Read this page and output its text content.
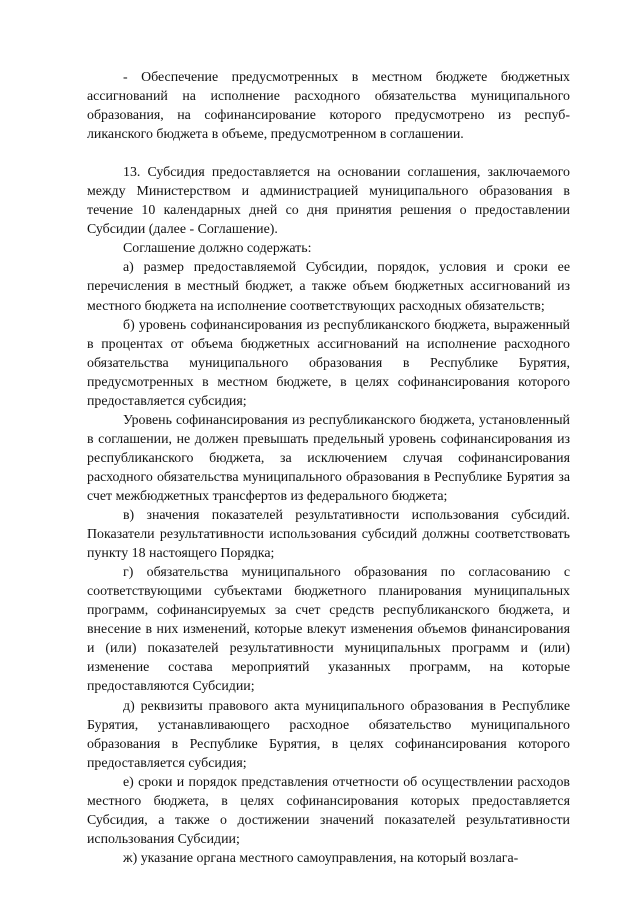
- Обеспечение предусмотренных в местном бюджете бюджетных ассигнований на исполнение расходного обязательства муниципального образования, на софинансирование которого предусмотрено из республиканского бюджета в объеме, предусмотренном в соглашении.

13. Субсидия предоставляется на основании соглашения, заключаемого между Министерством и администрацией муниципального образования в течение 10 календарных дней со дня принятия решения о предоставлении Субсидии (далее - Соглашение).

Соглашение должно содержать:

а) размер предоставляемой Субсидии, порядок, условия и сроки ее перечисления в местный бюджет, а также объем бюджетных ассигнований из местного бюджета на исполнение соответствующих расходных обязательств;

б) уровень софинансирования из республиканского бюджета, выраженный в процентах от объема бюджетных ассигнований на исполнение расходного обязательства муниципального образования в Республике Бурятия, предусмотренных в местном бюджете, в целях софинансирования которого предоставляется субсидия;

Уровень софинансирования из республиканского бюджета, установленный в соглашении, не должен превышать предельный уровень софинансирования из республиканского бюджета, за исключением случая софинансирования расходного обязательства муниципального образования в Республике Бурятия за счет межбюджетных трансфертов из федерального бюджета;

в) значения показателей результативности использования субсидий. Показатели результативности использования субсидий должны соответствовать пункту 18 настоящего Порядка;

г) обязательства муниципального образования по согласованию с соответствующими субъектами бюджетного планирования муниципальных программ, софинансируемых за счет средств республиканского бюджета, и внесение в них изменений, которые влекут изменения объемов финансирования и (или) показателей результативности муниципальных программ и (или) изменение состава мероприятий указанных программ, на которые предоставляются Субсидии;

д) реквизиты правового акта муниципального образования в Республике Бурятия, устанавливающего расходное обязательство муниципального образования в Республике Бурятия, в целях софинансирования которого предоставляется субсидия;

е) сроки и порядок представления отчетности об осуществлении расходов местного бюджета, в целях софинансирования которых предоставляется Субсидия, а также о достижении значений показателей результативности использования Субсидии;

ж) указание органа местного самоуправления, на который возлага-
